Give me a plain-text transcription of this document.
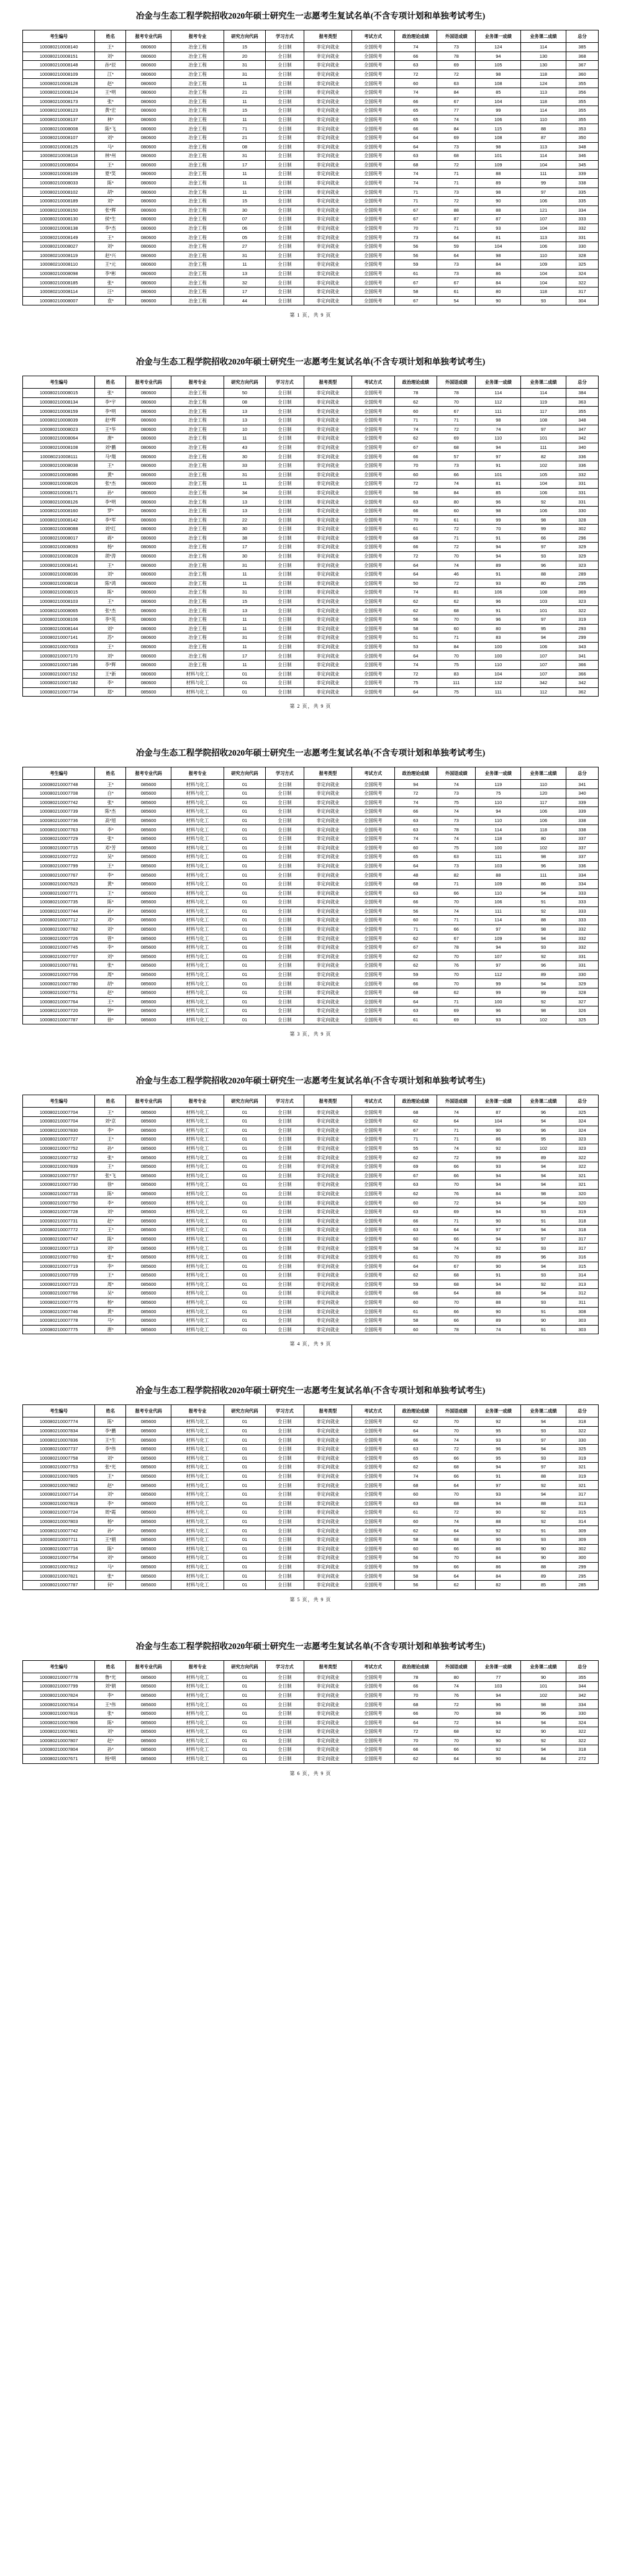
冶金与生态工程学院招收2020年硕士研究生一志愿考生复试名单(不含专项计划和单独考试考生)
考生编号	姓名	报考专业代码	报考专业	研究方向代码	学习方式	报考类型	考试方式	政治理论成绩	外国语成绩	业务课一成绩	业务课二成绩	总分
100080210008140	王*	080600	冶金工程	15	全日制	非定向就业	全国统考	74	73	124	114	385
100080210008151	刘*	080600	冶金工程	20	全日制	非定向就业	全国统考	66	78	94	130	368
100080210008148	孙*辰	080600	冶金工程	31	全日制	非定向就业	全国统考	63	69	105	130	367
100080210008109	江*	080600	冶金工程	31	全日制	非定向就业	全国统考	72	72	98	118	360
100080210008128	赵*	080600	冶金工程	11	全日制	非定向就业	全国统考	60	63	108	124	355
100080210008124	王*明	080600	冶金工程	21	全日制	非定向就业	全国统考	74	84	85	113	356
100080210008173	张*	080600	冶金工程	11	全日制	非定向就业	全国统考	66	67	104	118	355
100080210008123	黄*宏	080600	冶金工程	15	全日制	非定向就业	全国统考	65	77	99	114	355
100080210008137	林*	080600	冶金工程	11	全日制	非定向就业	全国统考	65	74	106	110	355
100080210008008	陈*飞	080600	冶金工程	71	全日制	非定向就业	全国统考	66	84	115	88	353
100080210008107	刘*	080600	冶金工程	21	全日制	非定向就业	全国统考	64	69	108	87	350
100080210008125	马*	080600	冶金工程	08	全日制	非定向就业	全国统考	64	73	98	113	348
100080210008118	林*州	080600	冶金工程	31	全日制	非定向就业	全国统考	63	68	101	114	346
100080210008004	王*	080600	冶金工程	17	全日制	非定向就业	全国统考	68	72	109	104	345
100080210008109	夏*笑	080600	冶金工程	11	全日制	非定向就业	全国统考	74	71	88	111	339
100080210008033	陈*	080600	冶金工程	11	全日制	非定向就业	全国统考	74	71	89	99	338
100080210008102	胡*	080600	冶金工程	11	全日制	非定向就业	全国统考	71	73	98	97	335
100080210008189	刘*	080600	冶金工程	15	全日制	非定向就业	全国统考	71	72	90	106	335
100080210008150	张*辉	080600	冶金工程	30	全日制	非定向就业	全国统考	67	88	88	121	334
100080210008130	侯*生	080600	冶金工程	07	全日制	非定向就业	全国统考	67	87	87	107	333
100080210008138	李*杰	080600	冶金工程	06	全日制	非定向就业	全国统考	70	71	93	104	332
100080210008149	王*	080600	冶金工程	05	全日制	非定向就业	全国统考	73	64	81	113	331
100080210008027	刘*	080600	冶金工程	27	全日制	非定向就业	全国统考	56	59	104	106	330
100080210008119	赵*兴	080600	冶金工程	31	全日制	非定向就业	全国统考	56	64	98	110	328
100080210008110	王*元	080600	冶金工程	11	全日制	非定向就业	全国统考	59	73	84	109	325
100080210008098	李*彬	080600	冶金工程	13	全日制	非定向就业	全国统考	61	73	86	104	324
100080210008185	张*	080600	冶金工程	32	全日制	非定向就业	全国统考	67	67	84	104	322
100080210008114	汪*	080600	冶金工程	17	全日制	非定向就业	全国统考	58	61	80	118	317
100080210008007	袁*	080600	冶金工程	44	全日制	非定向就业	全国统考	67	54	90	93	304
第 1 页，共 9 页
冶金与生态工程学院招收2020年硕士研究生一志愿考生复试名单(不含专项计划和单独考试考生)
考生编号	姓名	报考专业代码	报考专业	研究方向代码	学习方式	报考类型	考试方式	政治理论成绩	外国语成绩	业务课一成绩	业务课二成绩	总分
100080210008015	张*	080600	冶金工程	50	全日制	非定向就业	全国统考	78	78	114	114	384
100080210008134	李*宇	080600	冶金工程	08	全日制	非定向就业	全国统考	62	70	112	119	363
100080210008159	李*明	080600	冶金工程	13	全日制	非定向就业	全国统考	60	67	111	117	355
100080210008039	赵*辉	080600	冶金工程	13	全日制	非定向就业	全国统考	71	71	98	108	348
100080210008023	王*华	080600	冶金工程	10	全日制	非定向就业	全国统考	74	72	74	97	347
100080210008064	唐*	080600	冶金工程	11	全日制	非定向就业	全国统考	62	69	110	101	342
100080210008108	刘*鹏	080600	冶金工程	43	全日制	非定向就业	全国统考	67	68	94	111	340
100080210008111	马*翔	080600	冶金工程	30	全日制	非定向就业	全国统考	66	57	97	82	336
100080210008038	王*	080600	冶金工程	33	全日制	非定向就业	全国统考	70	73	91	102	336
100080210008086	黄*	080600	冶金工程	31	全日制	非定向就业	全国统考	60	66	101	105	332
100080210008026	张*杰	080600	冶金工程	11	全日制	非定向就业	全国统考	72	74	81	104	331
100080210008171	孙*	080600	冶金工程	34	全日制	非定向就业	全国统考	56	84	85	106	331
100080210008126	李*明	080600	冶金工程	13	全日制	非定向就业	全国统考	63	80	96	92	331
100080210008160	罗*	080600	冶金工程	13	全日制	非定向就业	全国统考	66	60	98	106	330
100080210008142	李*军	080600	冶金工程	22	全日制	非定向就业	全国统考	70	61	99	98	328
100080210008088	刘*红	080600	冶金工程	30	全日制	非定向就业	全国统考	61	72	70	99	302
100080210008017	蒋*	080600	冶金工程	38	全日制	非定向就业	全国统考	68	71	91	66	296
100080210008093	杨*	080600	冶金工程	17	全日制	非定向就业	全国统考	66	72	94	97	329
100080210008028	胡*涛	080600	冶金工程	30	全日制	非定向就业	全国统考	72	70	94	93	329
100080210008141	王*	080600	冶金工程	31	全日制	非定向就业	全国统考	64	74	89	96	323
100080210008036	刘*	080600	冶金工程	11	全日制	非定向就业	全国统考	64	46	91	88	289
100080210008018	陈*鸿	080600	冶金工程	11	全日制	非定向就业	全国统考	50	72	93	80	295
100080210008015	陈*	080600	冶金工程	31	全日制	非定向就业	全国统考	74	81	106	108	369
100080210008103	王*	080600	冶金工程	15	全日制	非定向就业	全国统考	62	62	96	103	323
100080210008065	张*杰	080600	冶金工程	13	全日制	非定向就业	全国统考	62	68	91	101	322
100080210008106	李*英	080600	冶金工程	11	全日制	非定向就业	全国统考	56	70	96	97	319
100080210008144	刘*	080600	冶金工程	11	全日制	非定向就业	全国统考	58	60	80	95	293
100080210007141	苏*	080600	冶金工程	31	全日制	非定向就业	全国统考	51	71	83	94	299
100080210007003	王*	080600	冶金工程	11	全日制	非定向就业	全国统考	53	84	100	106	343
100080210007170	刘*	080600	冶金工程	17	全日制	非定向就业	全国统考	64	70	100	107	341
100080210007186	李*辉	080600	冶金工程	11	全日制	非定向就业	全国统考	74	75	110	107	366
100080210007152	王*新	080600	材料与化工	01	全日制	非定向就业	全国统考	72	83	104	107	366
100080210007182	李*	080600	材料与化工	01	全日制	非定向就业	全国统考	75	111	132	342	342
100080210007734	郑*	085600	材料与化工	01	全日制	非定向就业	全国统考	64	75	111	112	362
第 2 页，共 9 页
冶金与生态工程学院招收2020年硕士研究生一志愿考生复试名单(不含专项计划和单独考试考生)
考生编号	姓名	报考专业代码	报考专业	研究方向代码	学习方式	报考类型	考试方式	政治理论成绩	外国语成绩	业务课一成绩	业务课二成绩	总分
100080210007748	王*	085600	材料与化工	01	全日制	非定向就业	全国统考	94	74	119	110	341
100080210007708	白*	085600	材料与化工	01	全日制	非定向就业	全国统考	72	73	75	120	340
100080210007742	张*	085600	材料与化工	01	全日制	非定向就业	全国统考	74	75	110	117	339
100080210007739	陈*杰	085600	材料与化工	01	全日制	非定向就业	全国统考	66	74	94	106	339
100080210007736	高*旭	085600	材料与化工	01	全日制	非定向就业	全国统考	63	73	110	106	338
100080210007763	李*	085600	材料与化工	01	全日制	非定向就业	全国统考	63	78	114	118	338
100080210007729	张*	085600	材料与化工	01	全日制	非定向就业	全国统考	74	74	118	80	337
100080210007715	邓*芳	085600	材料与化工	01	全日制	非定向就业	全国统考	60	75	100	102	337
100080210007722	吴*	085600	材料与化工	01	全日制	非定向就业	全国统考	65	63	111	98	337
100080210007799	王*	085600	材料与化工	01	全日制	非定向就业	全国统考	64	73	103	96	336
100080210007767	李*	085600	材料与化工	01	全日制	非定向就业	全国统考	48	82	88	111	334
100080210007623	黄*	085600	材料与化工	01	全日制	非定向就业	全国统考	68	71	109	86	334
100080210007771	王*	085600	材料与化工	01	全日制	非定向就业	全国统考	63	66	110	94	333
100080210007735	陈*	085600	材料与化工	01	全日制	非定向就业	全国统考	66	70	106	91	333
100080210007744	孙*	085600	材料与化工	01	全日制	非定向就业	全国统考	56	74	111	92	333
100080210007712	邓*	085600	材料与化工	01	全日制	非定向就业	全国统考	60	71	114	88	333
100080210007782	刘*	085600	材料与化工	01	全日制	非定向就业	全国统考	71	66	97	98	332
100080210007726	曾*	085600	材料与化工	01	全日制	非定向就业	全国统考	62	67	109	94	332
100080210007745	李*	085600	材料与化工	01	全日制	非定向就业	全国统考	67	78	94	93	332
100080210007707	刘*	085600	材料与化工	01	全日制	非定向就业	全国统考	62	70	107	92	331
100080210007781	张*	085600	材料与化工	01	全日制	非定向就业	全国统考	62	76	97	96	331
100080210007706	周*	085600	材料与化工	01	全日制	非定向就业	全国统考	59	70	112	89	330
100080210007780	胡*	085600	材料与化工	01	全日制	非定向就业	全国统考	66	70	99	94	329
100080210007751	赵*	085600	材料与化工	01	全日制	非定向就业	全国统考	68	62	99	99	328
100080210007764	王*	085600	材料与化工	01	全日制	非定向就业	全国统考	64	71	100	92	327
100080210007720	钟*	085600	材料与化工	01	全日制	非定向就业	全国统考	63	69	96	98	326
100080210007787	徐*	085600	材料与化工	01	全日制	非定向就业	全国统考	61	69	93	102	325
第 3 页，共 9 页
冶金与生态工程学院招收2020年硕士研究生一志愿考生复试名单(不含专项计划和单独考试考生)
考生编号	姓名	报考专业代码	报考专业	研究方向代码	学习方式	报考类型	考试方式	政治理论成绩	外国语成绩	业务课一成绩	业务课二成绩	总分
100080210007704	王*	085600	材料与化工	01	全日制	非定向就业	全国统考	68	74	87	96	325
100080210007704	刘*京	085600	材料与化工	01	全日制	非定向就业	全国统考	62	64	104	94	324
100080210007830	李*	085600	材料与化工	01	全日制	非定向就业	全国统考	67	71	90	96	324
100080210007727	王*	085600	材料与化工	01	全日制	非定向就业	全国统考	71	71	86	95	323
100080210007752	孙*	085600	材料与化工	01	全日制	非定向就业	全国统考	55	74	92	102	323
100080210007732	张*	085600	材料与化工	01	全日制	非定向就业	全国统考	62	72	99	89	322
100080210007839	王*	085600	材料与化工	01	全日制	非定向就业	全国统考	69	66	93	94	322
100080210007757	张*飞	085600	材料与化工	01	全日制	非定向就业	全国统考	67	66	94	94	321
100080210007730	徐*	085600	材料与化工	01	全日制	非定向就业	全国统考	63	70	94	94	321
100080210007733	陈*	085600	材料与化工	01	全日制	非定向就业	全国统考	62	76	84	98	320
100080210007750	李*	085600	材料与化工	01	全日制	非定向就业	全国统考	60	72	94	94	320
100080210007728	刘*	085600	材料与化工	01	全日制	非定向就业	全国统考	63	69	94	93	319
100080210007731	赵*	085600	材料与化工	01	全日制	非定向就业	全国统考	66	71	90	91	318
100080210007772	王*	085600	材料与化工	01	全日制	非定向就业	全国统考	63	64	97	94	318
100080210007747	陈*	085600	材料与化工	01	全日制	非定向就业	全国统考	60	66	94	97	317
100080210007713	刘*	085600	材料与化工	01	全日制	非定向就业	全国统考	58	74	92	93	317
100080210007760	张*	085600	材料与化工	01	全日制	非定向就业	全国统考	61	70	89	96	316
100080210007719	李*	085600	材料与化工	01	全日制	非定向就业	全国统考	64	67	90	94	315
100080210007709	王*	085600	材料与化工	01	全日制	非定向就业	全国统考	62	68	91	93	314
100080210007723	周*	085600	材料与化工	01	全日制	非定向就业	全国统考	59	68	94	92	313
100080210007766	吴*	085600	材料与化工	01	全日制	非定向就业	全国统考	66	64	88	94	312
100080210007775	杨*	085600	材料与化工	01	全日制	非定向就业	全国统考	60	70	88	93	311
100080210007746	黄*	085600	材料与化工	01	全日制	非定向就业	全国统考	61	66	90	91	308
100080210007778	马*	085600	材料与化工	01	全日制	非定向就业	全国统考	58	66	89	90	303
100080210007775	唐*	085600	材料与化工	01	全日制	非定向就业	全国统考	60	78	74	91	303
第 4 页，共 9 页
冶金与生态工程学院招收2020年硕士研究生一志愿考生复试名单(不含专项计划和单独考试考生)
考生编号	姓名	报考专业代码	报考专业	研究方向代码	学习方式	报考类型	考试方式	政治理论成绩	外国语成绩	业务课一成绩	业务课二成绩	总分
100080210007774	陈*	085600	材料与化工	01	全日制	非定向就业	全国统考	62	70	92	94	318
100080210007834	李*鹏	085600	材料与化工	01	全日制	非定向就业	全国统考	64	70	95	93	322
100080210007836	王*生	085600	材料与化工	01	全日制	非定向就业	全国统考	66	74	93	97	330
100080210007737	李*伟	085600	材料与化工	01	全日制	非定向就业	全国统考	63	72	96	94	325
100080210007758	刘*	085600	材料与化工	01	全日制	非定向就业	全国统考	65	66	95	93	319
100080210007753	张*光	085600	材料与化工	01	全日制	非定向就业	全国统考	62	68	94	97	321
100080210007805	王*	085600	材料与化工	01	全日制	非定向就业	全国统考	74	66	91	88	319
100080210007802	赵*	085600	材料与化工	01	全日制	非定向就业	全国统考	68	64	97	92	321
100080210007714	刘*	085600	材料与化工	01	全日制	非定向就业	全国统考	60	70	93	94	317
100080210007819	李*	085600	材料与化工	01	全日制	非定向就业	全国统考	63	68	94	88	313
100080210007724	周*霞	085600	材料与化工	01	全日制	非定向就业	全国统考	61	72	90	92	315
100080210007803	杨*	085600	材料与化工	01	全日制	非定向就业	全国统考	60	74	88	92	314
100080210007742	孙*	085600	材料与化工	01	全日制	非定向就业	全国统考	62	64	92	91	309
100080210007711	王*娟	085600	材料与化工	01	全日制	非定向就业	全国统考	58	68	90	93	309
100080210007716	陈*	085600	材料与化工	01	全日制	非定向就业	全国统考	60	66	86	90	302
100080210007754	刘*	085600	材料与化工	01	全日制	非定向就业	全国统考	56	70	84	90	300
100080210007812	马*	085600	材料与化工	01	全日制	非定向就业	全国统考	59	66	86	88	299
100080210007821	张*	085600	材料与化工	01	全日制	非定向就业	全国统考	58	64	84	89	295
100080210007787	何*	085600	材料与化工	01	全日制	非定向就业	全国统考	56	62	82	85	285
第 5 页，共 9 页
冶金与生态工程学院招收2020年硕士研究生一志愿考生复试名单(不含专项计划和单独考试考生)
考生编号	姓名	报考专业代码	报考专业	研究方向代码	学习方式	报考类型	考试方式	政治理论成绩	外国语成绩	业务课一成绩	业务课二成绩	总分
100080210007778	鲁*光	085600	材料与化工	01	全日制	非定向就业	全国统考	78	80	77	90	355
100080210007799	刘*娟	085600	材料与化工	01	全日制	非定向就业	全国统考	66	74	103	101	344
100080210007824	李*	085600	材料与化工	01	全日制	非定向就业	全国统考	70	76	94	102	342
100080210007814	王*伟	085600	材料与化工	01	全日制	非定向就业	全国统考	68	72	96	98	334
100080210007816	张*	085600	材料与化工	01	全日制	非定向就业	全国统考	66	70	98	96	330
100080210007806	陈*	085600	材料与化工	01	全日制	非定向就业	全国统考	64	72	94	94	324
100080210007801	刘*	085600	材料与化工	01	全日制	非定向就业	全国统考	72	68	92	90	322
100080210007807	赵*	085600	材料与化工	01	全日制	非定向就业	全国统考	70	70	90	92	322
100080210007804	孙*	085600	材料与化工	01	全日制	非定向就业	全国统考	66	66	92	94	318
100080210007671	杨*明	085600	材料与化工	01	全日制	非定向就业	全国统考	62	64	90	84	272
第 6 页，共 9 页
